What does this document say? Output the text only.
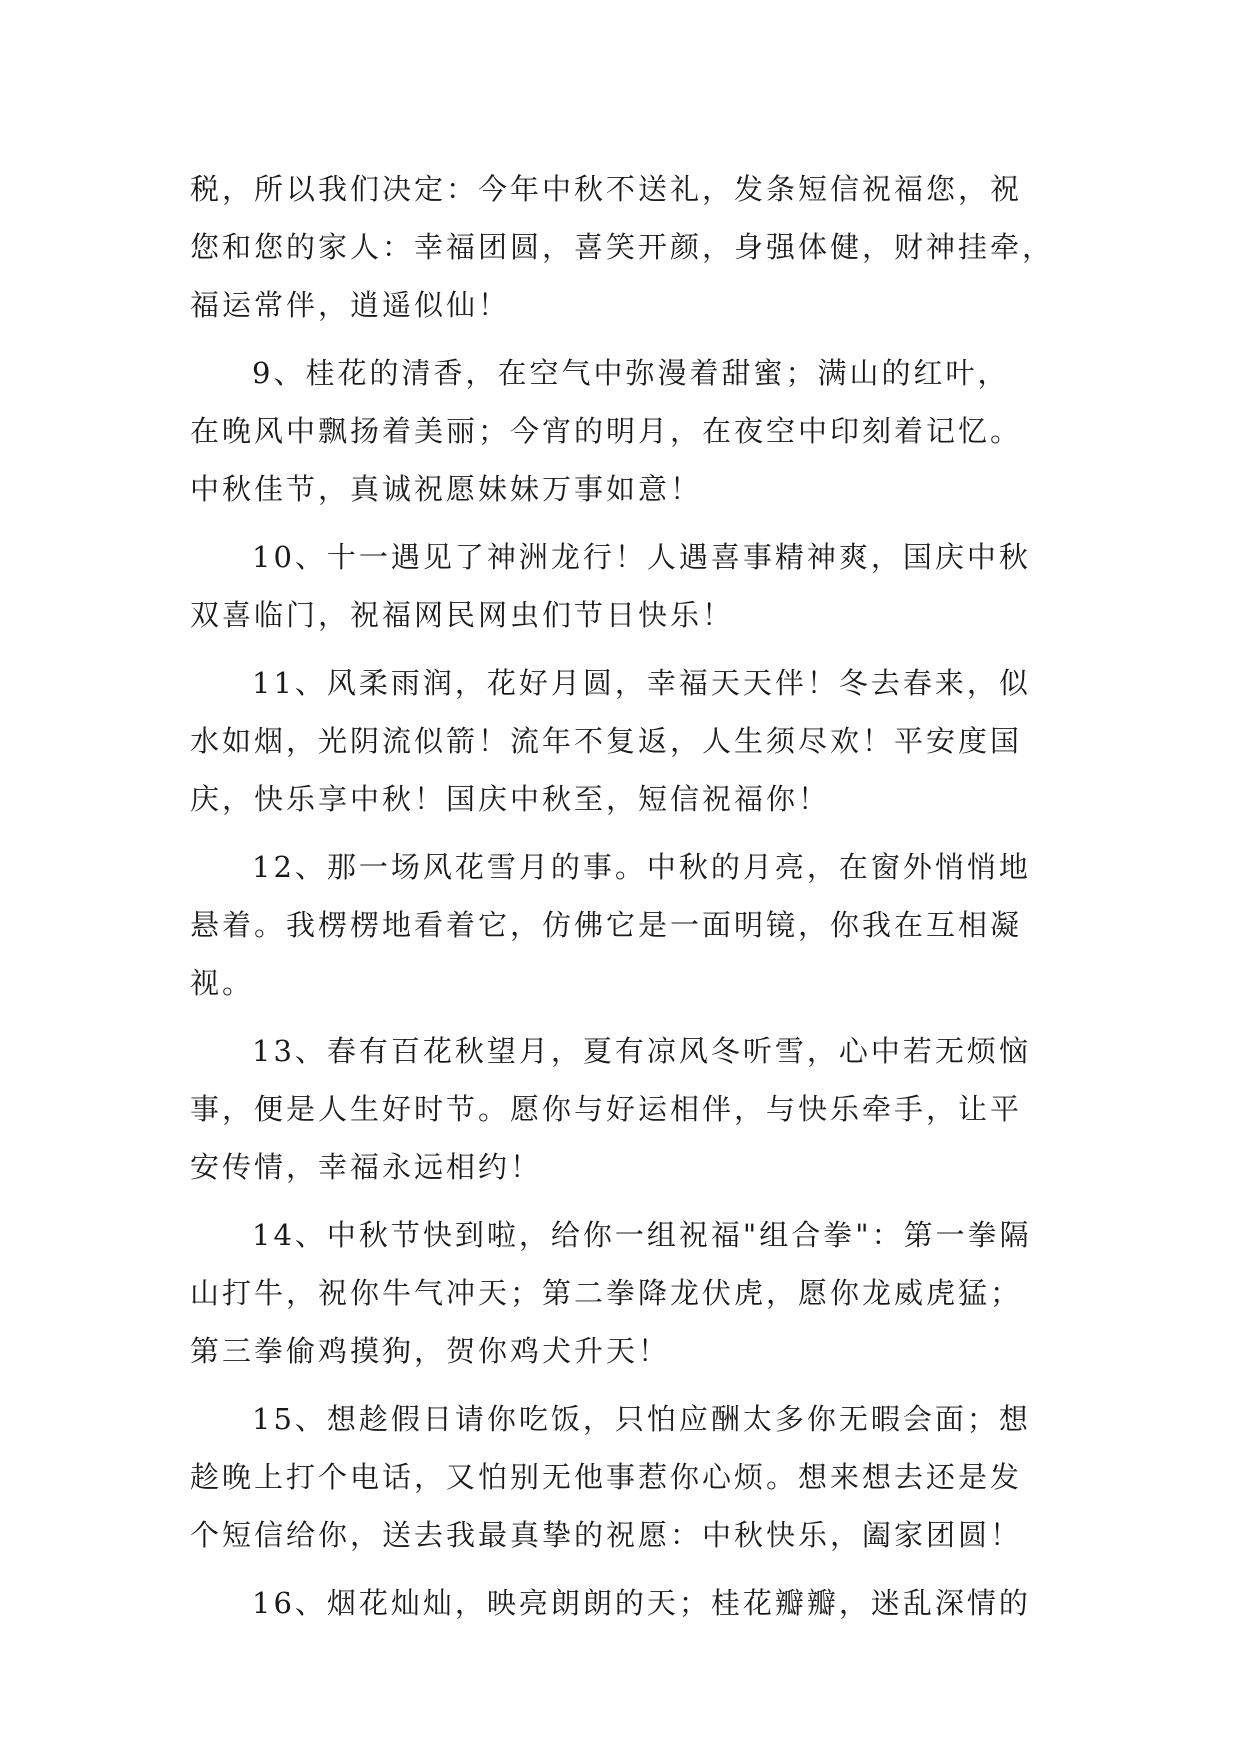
税，所以我们决定：今年中秋不送礼，发条短信祝福您，祝
您和您的家人：幸福团圆，喜笑开颜，身强体健，财神挂牵，
福运常伴，逍遥似仙！
9、桂花的清香，在空气中弥漫着甜蜜；满山的红叶，
在晚风中飘扬着美丽；今宵的明月，在夜空中印刻着记忆。
中秋佳节，真诚祝愿妹妹万事如意！
10、十一遇见了神洲龙行！人遇喜事精神爽，国庆中秋
双喜临门，祝福网民网虫们节日快乐！
11、风柔雨润，花好月圆，幸福天天伴！冬去春来，似
水如烟，光阴流似箭！流年不复返，人生须尽欢！平安度国
庆，快乐享中秋！国庆中秋至，短信祝福你！
12、那一场风花雪月的事。中秋的月亮，在窗外悄悄地
悬着。我楞楞地看着它，仿佛它是一面明镜，你我在互相凝
视。
13、春有百花秋望月，夏有凉风冬听雪，心中若无烦恼
事，便是人生好时节。愿你与好运相伴，与快乐牵手，让平
安传情，幸福永远相约！
14、中秋节快到啦，给你一组祝福"组合拳"：第一拳隔
山打牛，祝你牛气冲天；第二拳降龙伏虎，愿你龙威虎猛；
第三拳偷鸡摸狗，贺你鸡犬升天！
15、想趁假日请你吃饭，只怕应酬太多你无暇会面；想
趁晚上打个电话，又怕别无他事惹你心烦。想来想去还是发
个短信给你，送去我最真挚的祝愿：中秋快乐，阖家团圆！
16、烟花灿灿，映亮朗朗的天；桂花瓣瓣，迷乱深情的
